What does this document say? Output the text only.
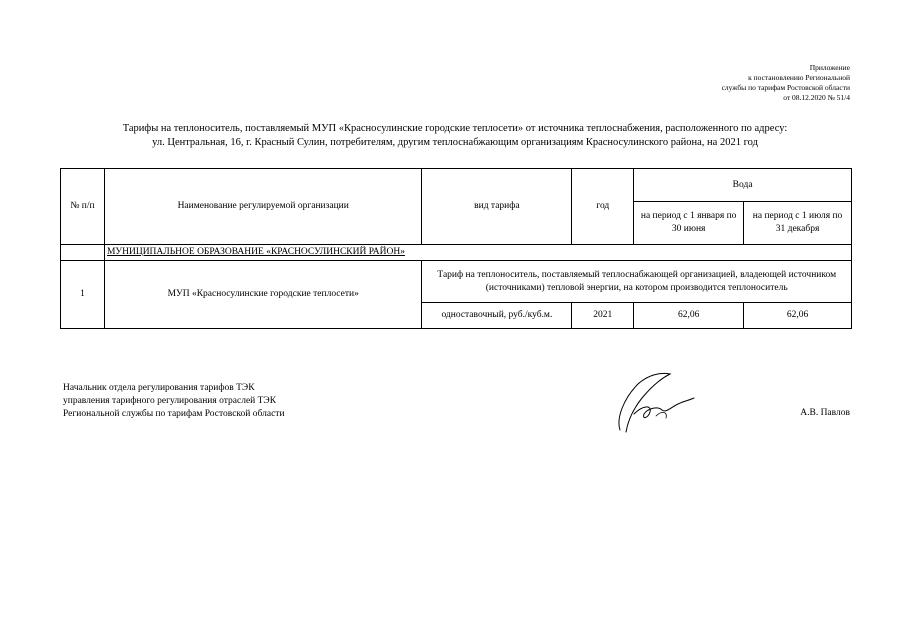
Приложение
к постановлению Региональной
службы по тарифам Ростовской области
от 08.12.2020 № 51/4
Тарифы на теплоноситель, поставляемый МУП «Красносулинские городские теплосети» от источника теплоснабжения, расположенного по адресу:
ул. Центральная, 16, г. Красный Сулин, потребителям, другим теплоснабжающим организациям Красносулинского района, на 2021 год
№ п/п	Наименование регулируемой организации	вид тарифа	год	Вода	
				на период с 1 января по 30 июня	на период с 1 июля по 31 декабря
	МУНИЦИПАЛЬНОЕ ОБРАЗОВАНИЕ «КРАСНОСУЛИНСКИЙ РАЙОН»				
1	МУП «Красносулинские городские теплосети»	Тариф на теплоноситель, поставляемый теплоснабжающей организацией, владеющей источником (источниками) тепловой энергии, на котором производится теплоноситель			
		одноставочный, руб./куб.м.	2021	62,06	62,06
Начальник отдела регулирования тарифов ТЭК
управления тарифного регулирования отраслей ТЭК
Региональной службы по тарифам Ростовской области	А.В. Павлов
